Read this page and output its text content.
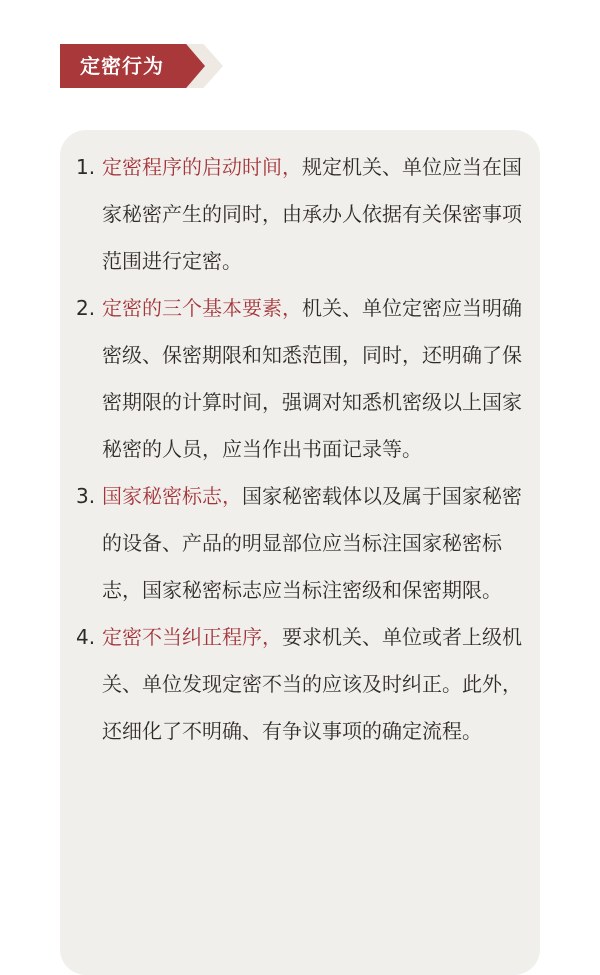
定密行为

1. 定密程序的启动时间，规定机关、单位应当在国家秘密产生的同时，由承办人依据有关保密事项范围进行定密。

2. 定密的三个基本要素，机关、单位定密应当明确密级、保密期限和知悉范围，同时，还明确了保密期限的计算时间，强调对知悉机密级以上国家秘密的人员，应当作出书面记录等。

3. 国家秘密标志，国家秘密载体以及属于国家秘密的设备、产品的明显部位应当标注国家秘密标志，国家秘密标志应当标注密级和保密期限。

4. 定密不当纠正程序，要求机关、单位或者上级机关、单位发现定密不当的应该及时纠正。此外，还细化了不明确、有争议事项的确定流程。
